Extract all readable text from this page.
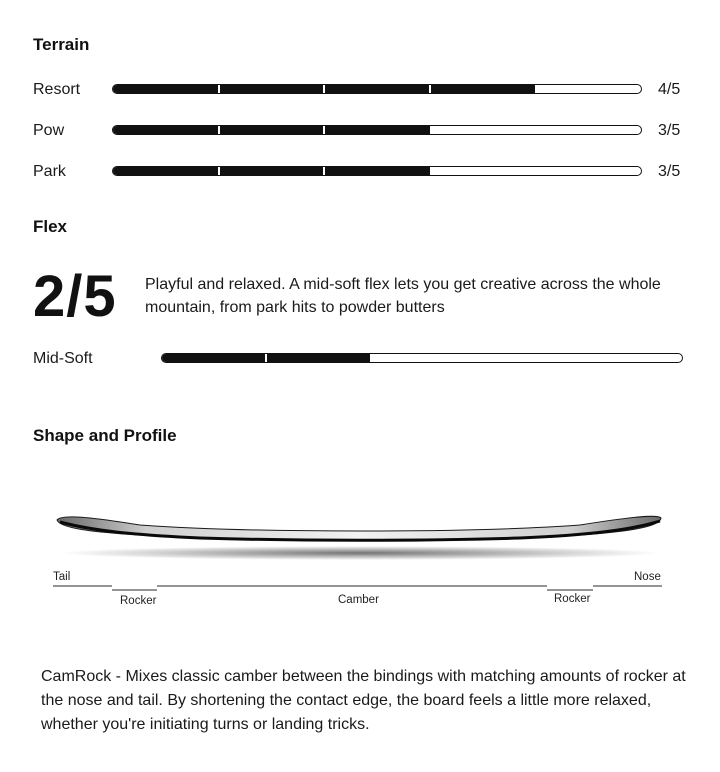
Terrain
Resort	4/5
Pow	3/5
Park	3/5
Flex
2/5 Playful and relaxed. A mid-soft flex lets you get creative across the whole mountain, from park hits to powder butters
Mid-Soft
Shape and Profile
Tail	Nose
Rocker	Camber	Rocker
CamRock - Mixes classic camber between the bindings with matching amounts of rocker at the nose and tail. By shortening the contact edge, the board feels a little more relaxed, whether you're initiating turns or landing tricks.
